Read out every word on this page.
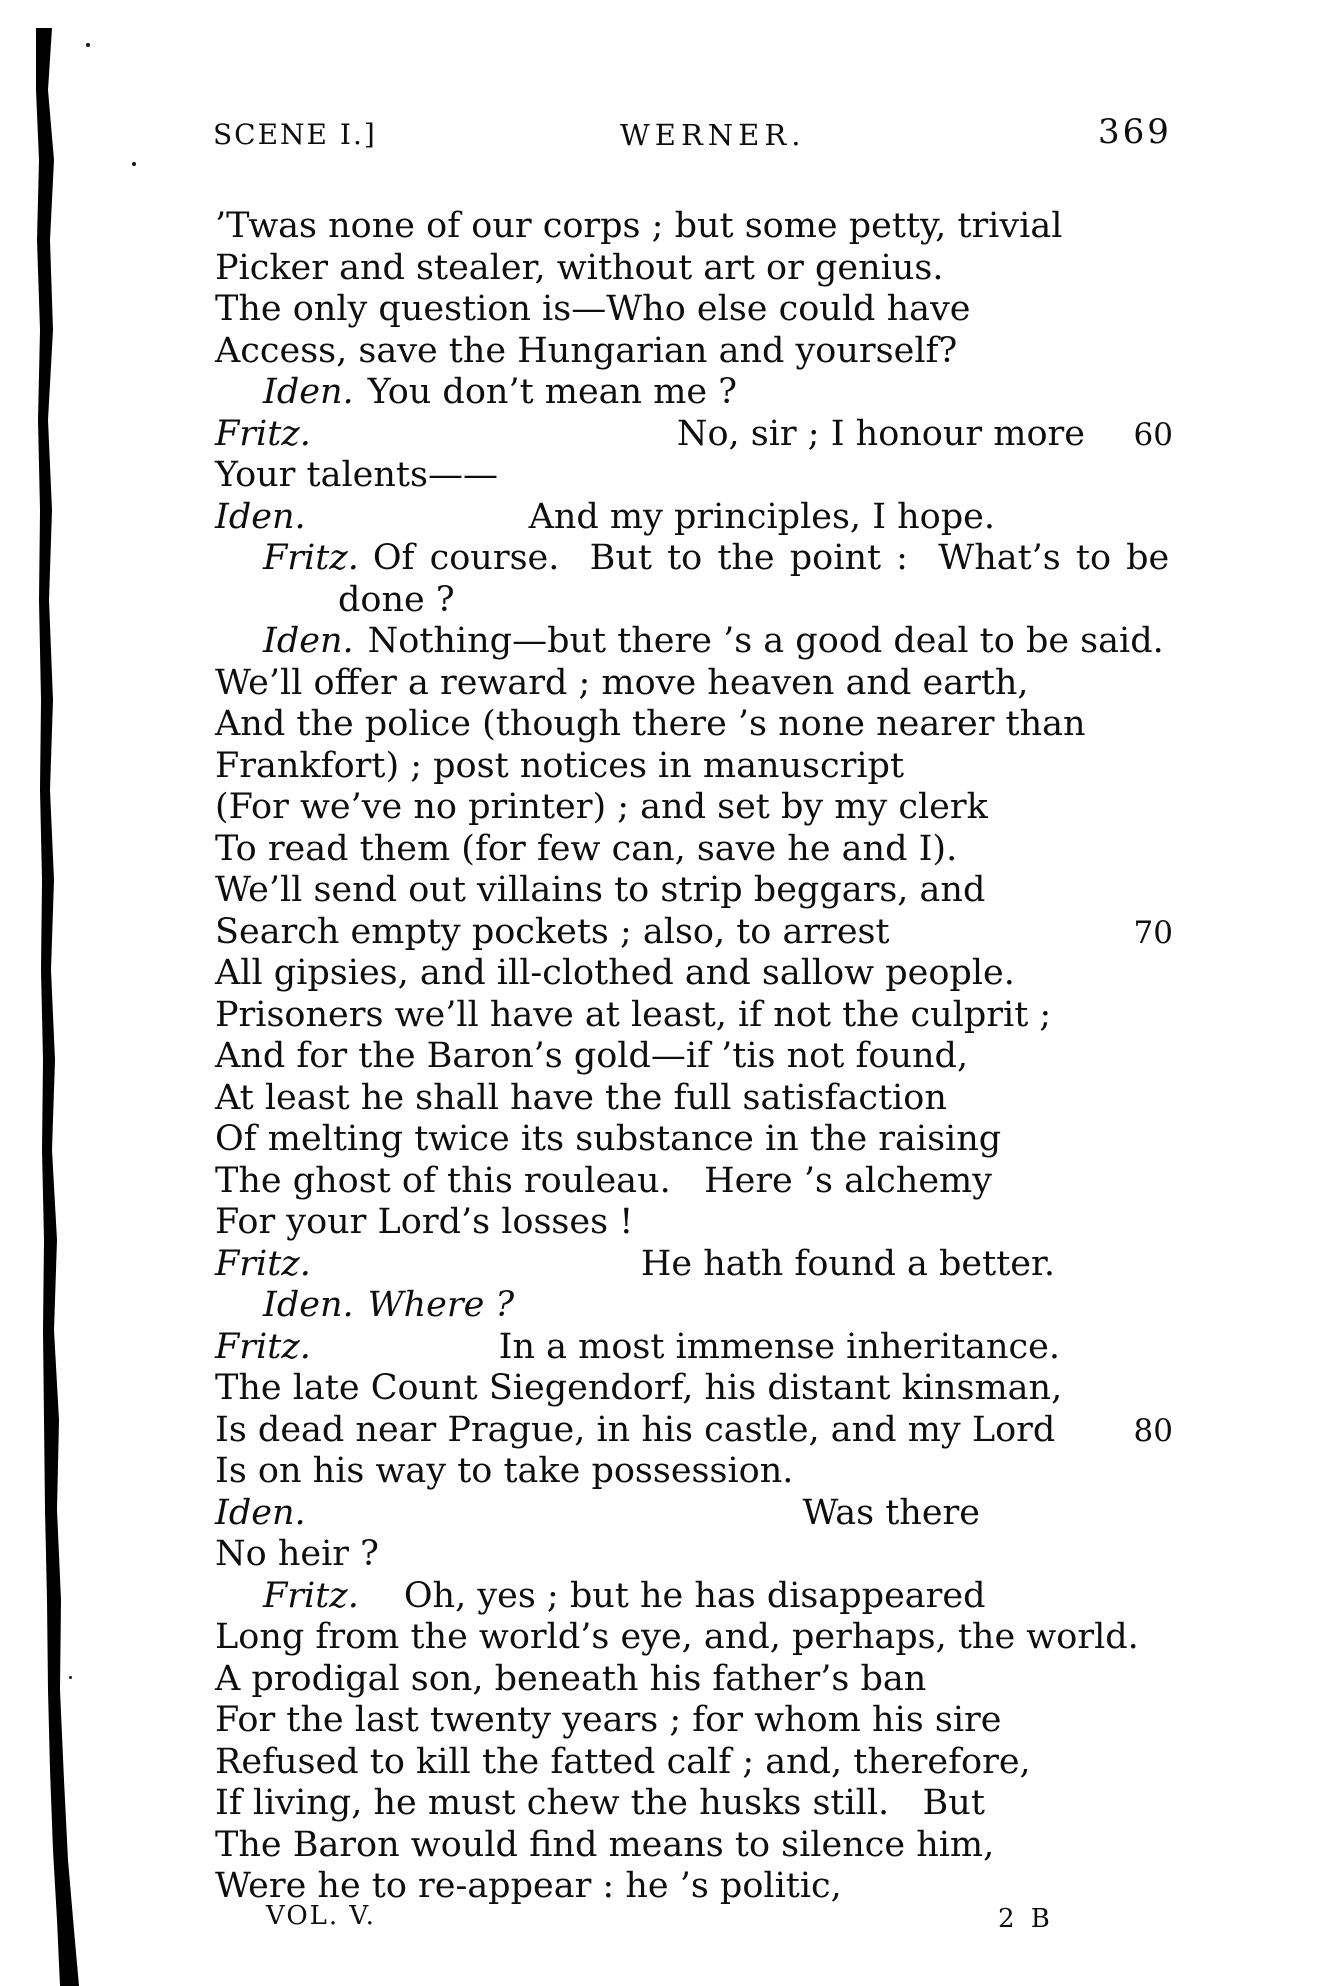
SCENE I.]	WERNER.	369
’Twas none of our corps ; but some petty, trivial
Picker and stealer, without art or genius.
The only question is—Who else could have
Access, save the Hungarian and yourself?
Iden. You don’t mean me ?
Fritz.	No, sir ; I honour more	60
Your talents——
Iden.	And my principles, I hope.
Fritz. Of course.  But to the point :  What’s to be
done ?
Iden. Nothing—but there ’s a good deal to be said.
We’ll offer a reward ; move heaven and earth,
And the police (though there ’s none nearer than
Frankfort) ; post notices in manuscript
(For we’ve no printer) ; and set by my clerk
To read them (for few can, save he and I).
We’ll send out villains to strip beggars, and
Search empty pockets ; also, to arrest	70
All gipsies, and ill-clothed and sallow people.
Prisoners we’ll have at least, if not the culprit ;
And for the Baron’s gold—if ’tis not found,
At least he shall have the full satisfaction
Of melting twice its substance in the raising
The ghost of this rouleau.   Here ’s alchemy
For your Lord’s losses !
Fritz.	He hath found a better.
Iden. Where ?
Fritz.	In a most immense inheritance.
The late Count Siegendorf, his distant kinsman,
Is dead near Prague, in his castle, and my Lord	80
Is on his way to take possession.
Iden.	Was there
No heir ?
Fritz. Oh, yes ; but he has disappeared
Long from the world’s eye, and, perhaps, the world.
A prodigal son, beneath his father’s ban
For the last twenty years ; for whom his sire
Refused to kill the fatted calf ; and, therefore,
If living, he must chew the husks still.   But
The Baron would find means to silence him,
Were he to re-appear : he ’s politic,
VOL. V.	2 B
